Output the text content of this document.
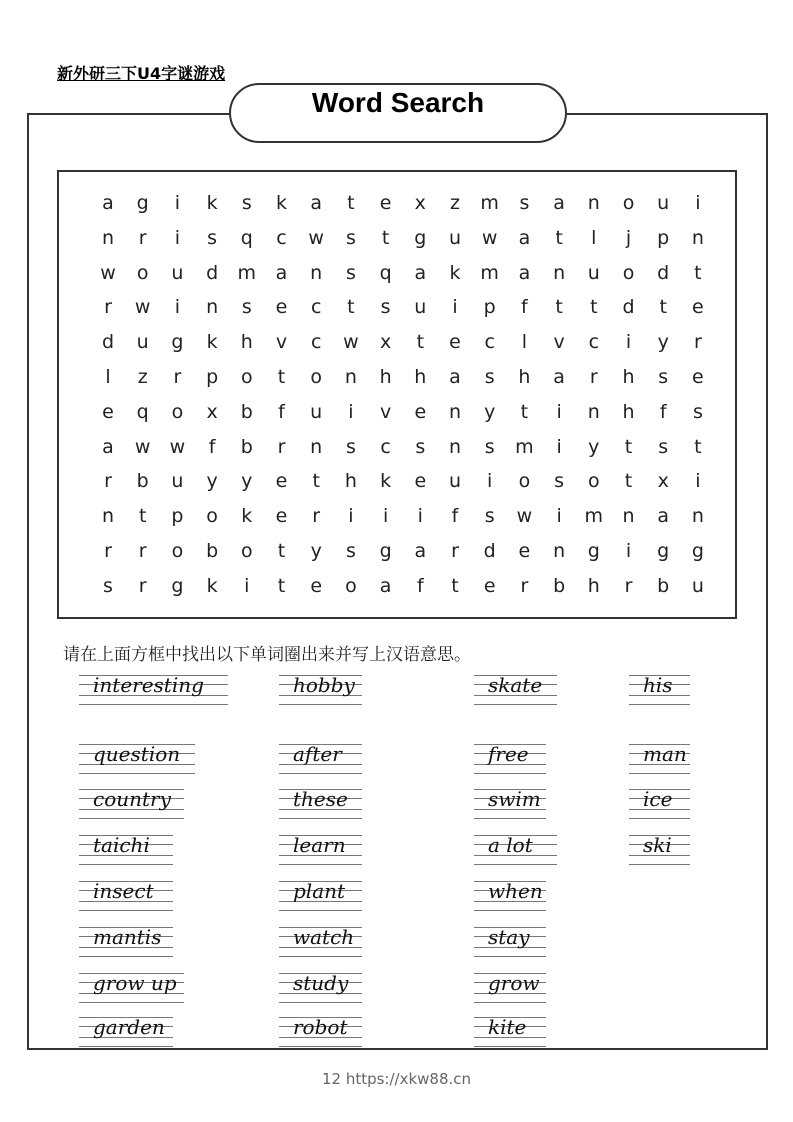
新外研三下U4字谜游戏
Word Search
a	g	i	k	s	k	a	t	e	x	z	m	s	a	n	o	u	i
n	r	i	s	q	c	w	s	t	g	u	w	a	t	l	j	p	n
w	o	u	d	m	a	n	s	q	a	k	m	a	n	u	o	d	t
r	w	i	n	s	e	c	t	s	u	i	p	f	t	t	d	t	e
d	u	g	k	h	v	c	w	x	t	e	c	l	v	c	i	y	r
l	z	r	p	o	t	o	n	h	h	a	s	h	a	r	h	s	e
e	q	o	x	b	f	u	i	v	e	n	y	t	i	n	h	f	s
a	w	w	f	b	r	n	s	c	s	n	s	m	i	y	t	s	t
r	b	u	y	y	e	t	h	k	e	u	i	o	s	o	t	x	i
n	t	p	o	k	e	r	i	i	i	f	s	w	i	m	n	a	n
r	r	o	b	o	t	y	s	g	a	r	d	e	n	g	i	g	g
s	r	g	k	i	t	e	o	a	f	t	e	r	b	h	r	b	u
请在上面方框中找出以下单词圈出来并写上汉语意思。
interesting
question
country
taichi
insect
mantis
grow up
garden
hobby
after
these
learn
plant
watch
study
robot
skate
free
swim
a lot
when
stay
grow
kite
his
man
ice
ski
12 https://xkw88.cn
